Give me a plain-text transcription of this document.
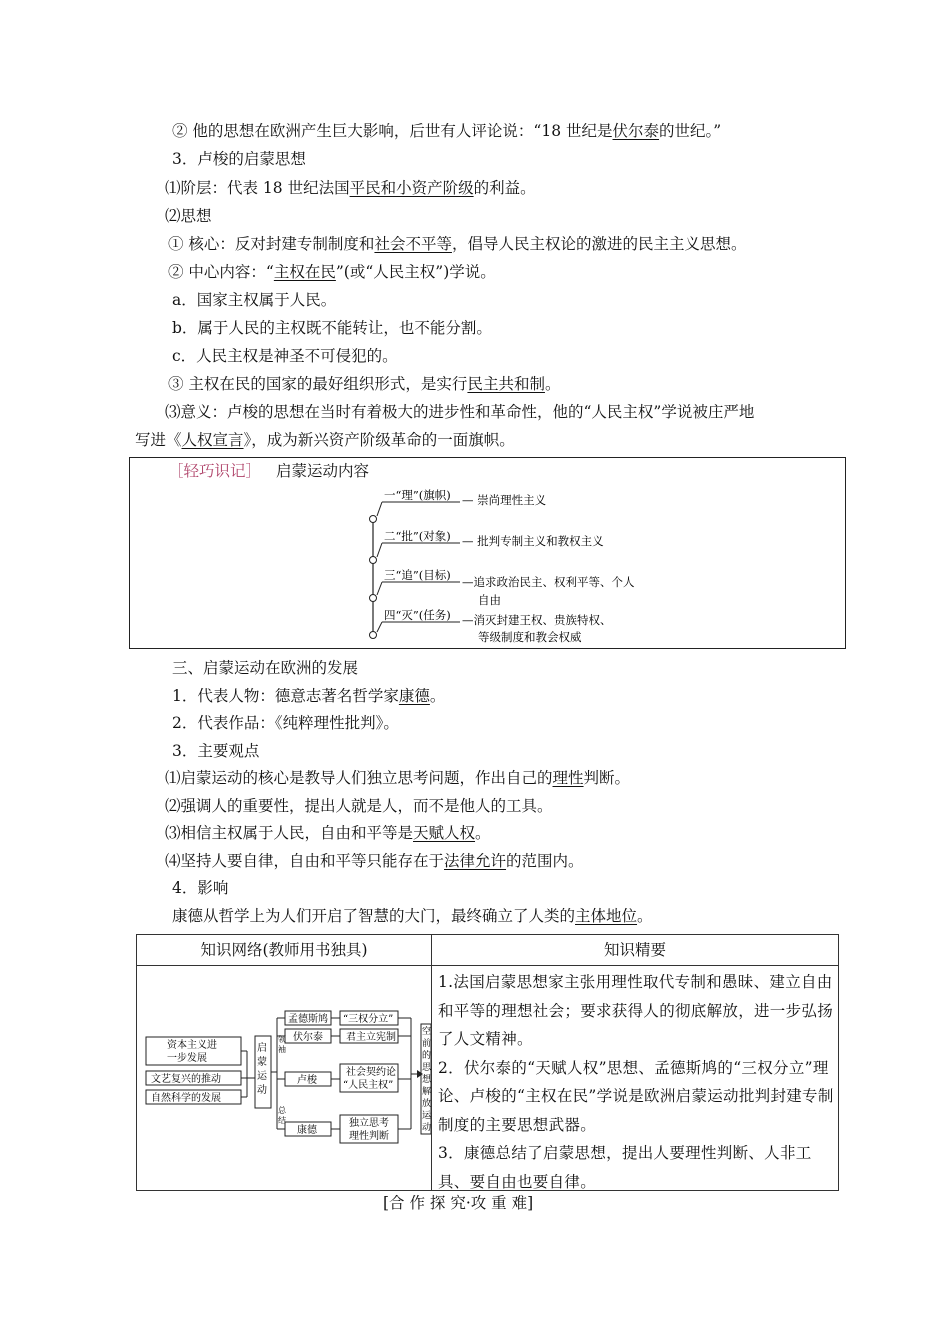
② 他的思想在欧洲产生巨大影响，后世有人评论说：“18 世纪是伏尔泰的世纪。”
3．卢梭的启蒙思想
⑴阶层：代表 18 世纪法国平民和小资产阶级的利益。
⑵思想
① 核心：反对封建专制制度和社会不平等，倡导人民主权论的激进的民主主义思想。
② 中心内容：“主权在民”(或“人民主权”)学说。
a．国家主权属于人民。
b．属于人民的主权既不能转让，也不能分割。
c．人民主权是神圣不可侵犯的。
③ 主权在民的国家的最好组织形式，是实行民主共和制。
⑶意义：卢梭的思想在当时有着极大的进步性和革命性，他的“人民主权”学说被庄严地
写进《人权宣言》，成为新兴资产阶级革命的一面旗帜。
［轻巧识记］ 启蒙运动内容
一“理”(旗帜) — 崇尚理性主义
二“批”(对象) — 批判专制主义和教权主义
三“追”(目标) —追求政治民主、权利平等、个人
自由
四“灭”(任务) —消灭封建王权、贵族特权、
等级制度和教会权威
三、启蒙运动在欧洲的发展
1．代表人物：德意志著名哲学家康德。
2．代表作品：《纯粹理性批判》。
3．主要观点
⑴启蒙运动的核心是教导人们独立思考问题，作出自己的理性判断。
⑵强调人的重要性，提出人就是人，而不是他人的工具。
⑶相信主权属于人民，自由和平等是天赋人权。
⑷坚持人要自律，自由和平等只能存在于法律允许的范围内。
4．影响
康德从哲学上为人们开启了智慧的大门，最终确立了人类的主体地位。
知识网络(教师用书独具)	知识精要
资本主义进
一步发展
文艺复兴的推动
自然科学的发展
启
蒙
运
动
领
袖
总
结
孟德斯鸠
伏尔泰
卢梭
康德
“三权分立”
君主立宪制
社会契约论
“人民主权”
独立思考
理性判断
空
前
的
思
想
解
放
运
动
1.法国启蒙思想家主张用理性取代专制和愚昧、建立自由和平等的理想社会；要求获得人的彻底解放，进一步弘扬了人文精神。
2．伏尔泰的“天赋人权”思想、孟德斯鸠的“三权分立”理论、卢梭的“主权在民”学说是欧洲启蒙运动批判封建专制制度的主要思想武器。
3．康德总结了启蒙思想，提出人要理性判断、人非工具、要自由也要自律。
[合 作 探 究·攻 重 难]
